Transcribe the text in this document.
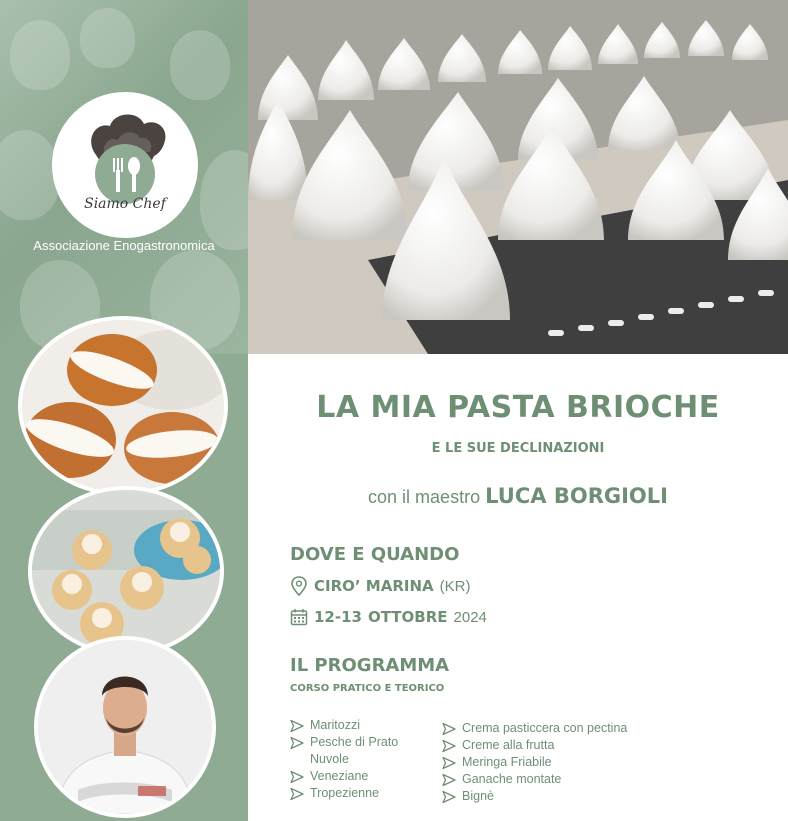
Siamo Chef
Associazione Enogastronomica
LA MIA PASTA BRIOCHE
E LE SUE DECLINAZIONI
con il maestro LUCA BORGIOLI
DOVE E QUANDO
CIRO’ MARINA (KR)
12-13 OTTOBRE 2024
IL PROGRAMMA
CORSO PRATICO E TEORICO
Maritozzi
Pesche di Prato
Nuvole
Veneziane
Tropezienne
Crema pasticcera con pectina
Creme alla frutta
Meringa Friabile
Ganache montate
Bignè
